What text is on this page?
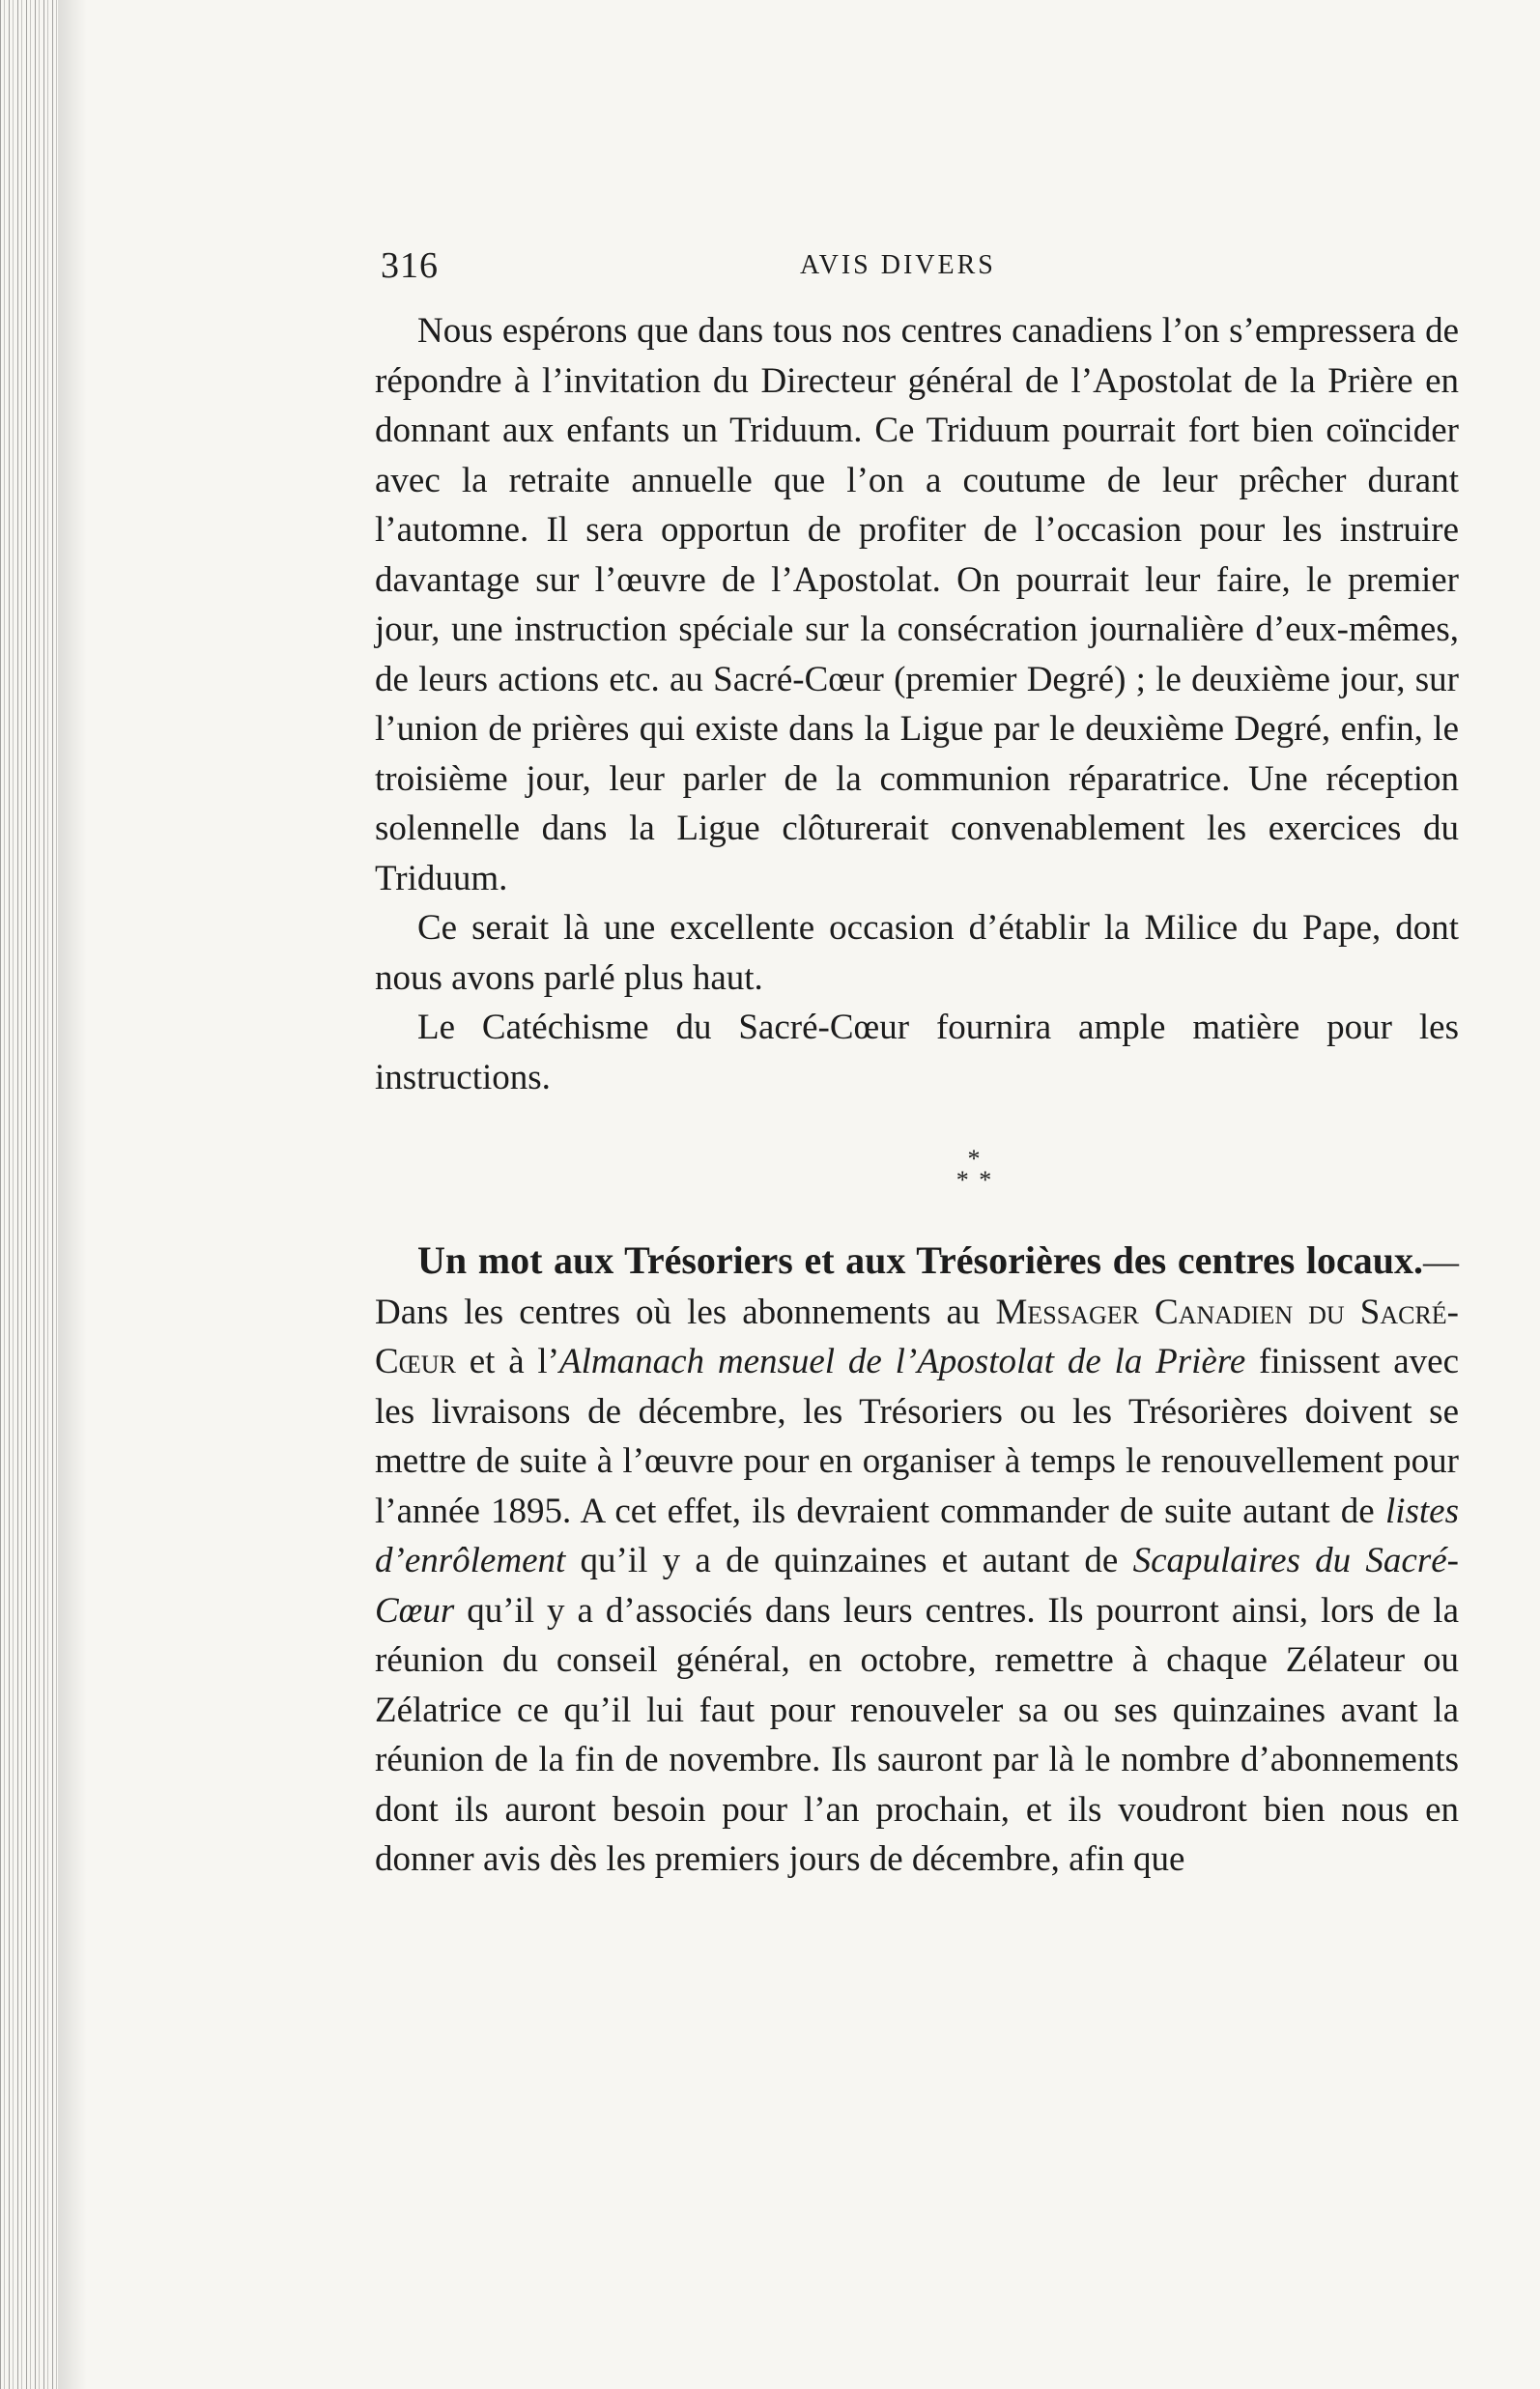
316	AVIS DIVERS

Nous espérons que dans tous nos centres canadiens l’on s’empressera de répondre à l’invitation du Directeur général de l’Apostolat de la Prière en donnant aux enfants un Triduum. Ce Triduum pourrait fort bien coïncider avec la retraite annuelle que l’on a coutume de leur prêcher durant l’automne. Il sera opportun de profiter de l’occasion pour les instruire davantage sur l’œuvre de l’Apostolat. On pourrait leur faire, le premier jour, une instruction spéciale sur la consécration journalière d’eux-mêmes, de leurs actions etc. au Sacré-Cœur (premier Degré) ; le deuxième jour, sur l’union de prières qui existe dans la Ligue par le deuxième Degré, enfin, le troisième jour, leur parler de la communion réparatrice. Une réception solennelle dans la Ligue clôturerait convenablement les exercices du Triduum.

Ce serait là une excellente occasion d’établir la Milice du Pape, dont nous avons parlé plus haut.

Le Catéchisme du Sacré-Cœur fournira ample matière pour les instructions.

*
* *

Un mot aux Trésoriers et aux Trésorières des centres locaux.—Dans les centres où les abonnements au Messager Canadien du Sacré-Cœur et à l’Almanach mensuel de l’Apostolat de la Prière finissent avec les livraisons de décembre, les Trésoriers ou les Trésorières doivent se mettre de suite à l’œuvre pour en organiser à temps le renouvellement pour l’année 1895. A cet effet, ils devraient commander de suite autant de listes d’enrôlement qu’il y a de quinzaines et autant de Scapulaires du Sacré-Cœur qu’il y a d’associés dans leurs centres. Ils pourront ainsi, lors de la réunion du conseil général, en octobre, remettre à chaque Zélateur ou Zélatrice ce qu’il lui faut pour renouveler sa ou ses quinzaines avant la réunion de la fin de novembre. Ils sauront par là le nombre d’abonnements dont ils auront besoin pour l’an prochain, et ils voudront bien nous en donner avis dès les premiers jours de décembre, afin que
